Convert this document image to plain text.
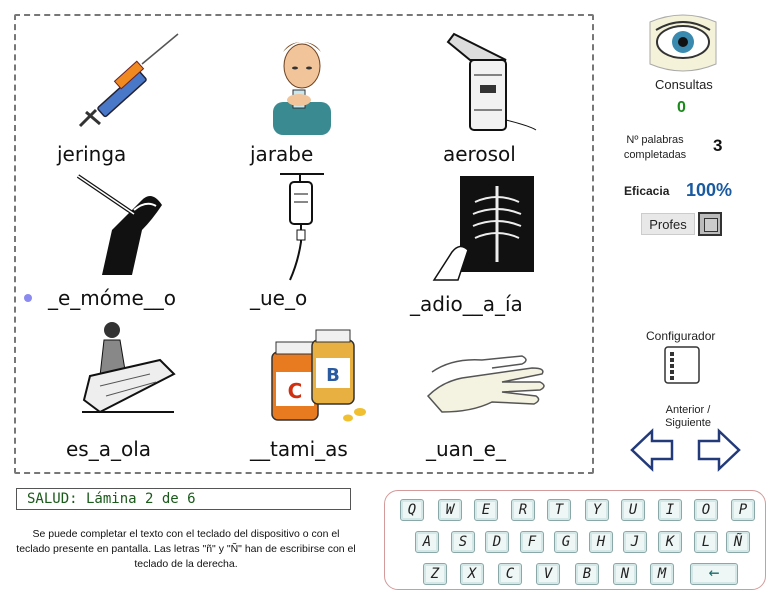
C
B
jeringa	jarabe	aerosol
_e_móme__o	_ue_o	_adio__a_ía
es_a_ola	__tami_as	_uan_e_
Consultas
0
Nº palabras completadas 3
Eficacia 100%
Profes
Configurador
Anterior / Siguiente
SALUD: Lámina 2 de 6
Se puede completar el texto con el teclado del dispositivo o con el teclado presente en pantalla. Las letras "ñ" y "Ñ" han de escribirse con el teclado de la derecha.
Q	W	E	R	T	Y	U	I	O	P
A	S	D	F	G	H	J	K	L	Ñ
Z	X	C	V	B	N	M	←
